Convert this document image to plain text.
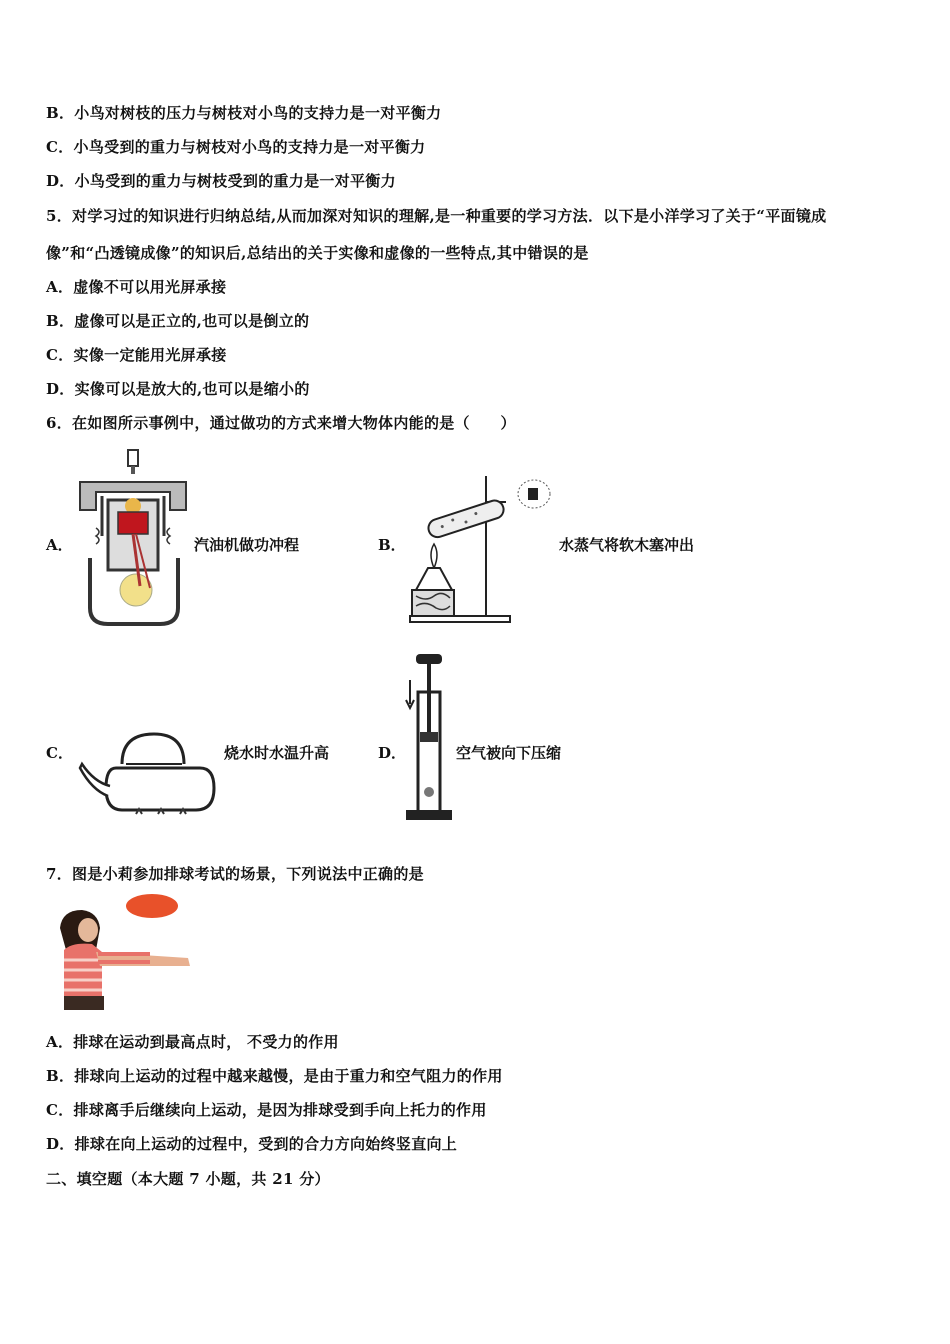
B．小鸟对树枝的压力与树枝对小鸟的支持力是一对平衡力
C．小鸟受到的重力与树枝对小鸟的支持力是一对平衡力
D．小鸟受到的重力与树枝受到的重力是一对平衡力
5．对学习过的知识进行归纳总结,从而加深对知识的理解,是一种重要的学习方法．以下是小洋学习了关于“平面镜成
像”和“凸透镜成像”的知识后,总结出的关于实像和虚像的一些特点,其中错误的是
A．虚像不可以用光屏承接
B．虚像可以是正立的,也可以是倒立的
C．实像一定能用光屏承接
D．实像可以是放大的,也可以是缩小的
6．在如图所示事例中，通过做功的方式来增大物体内能的是（　　）
A．	汽油机做功冲程	B．	水蒸气将软木塞冲出
C．	烧水时水温升高	D．	空气被向下压缩
7．图是小莉参加排球考试的场景，下列说法中正确的是
A．排球在运动到最高点时， 不受力的作用
B．排球向上运动的过程中越来越慢，是由于重力和空气阻力的作用
C．排球离手后继续向上运动，是因为排球受到手向上托力的作用
D．排球在向上运动的过程中，受到的合力方向始终竖直向上
二、填空题（本大题 7 小题，共 21 分）
